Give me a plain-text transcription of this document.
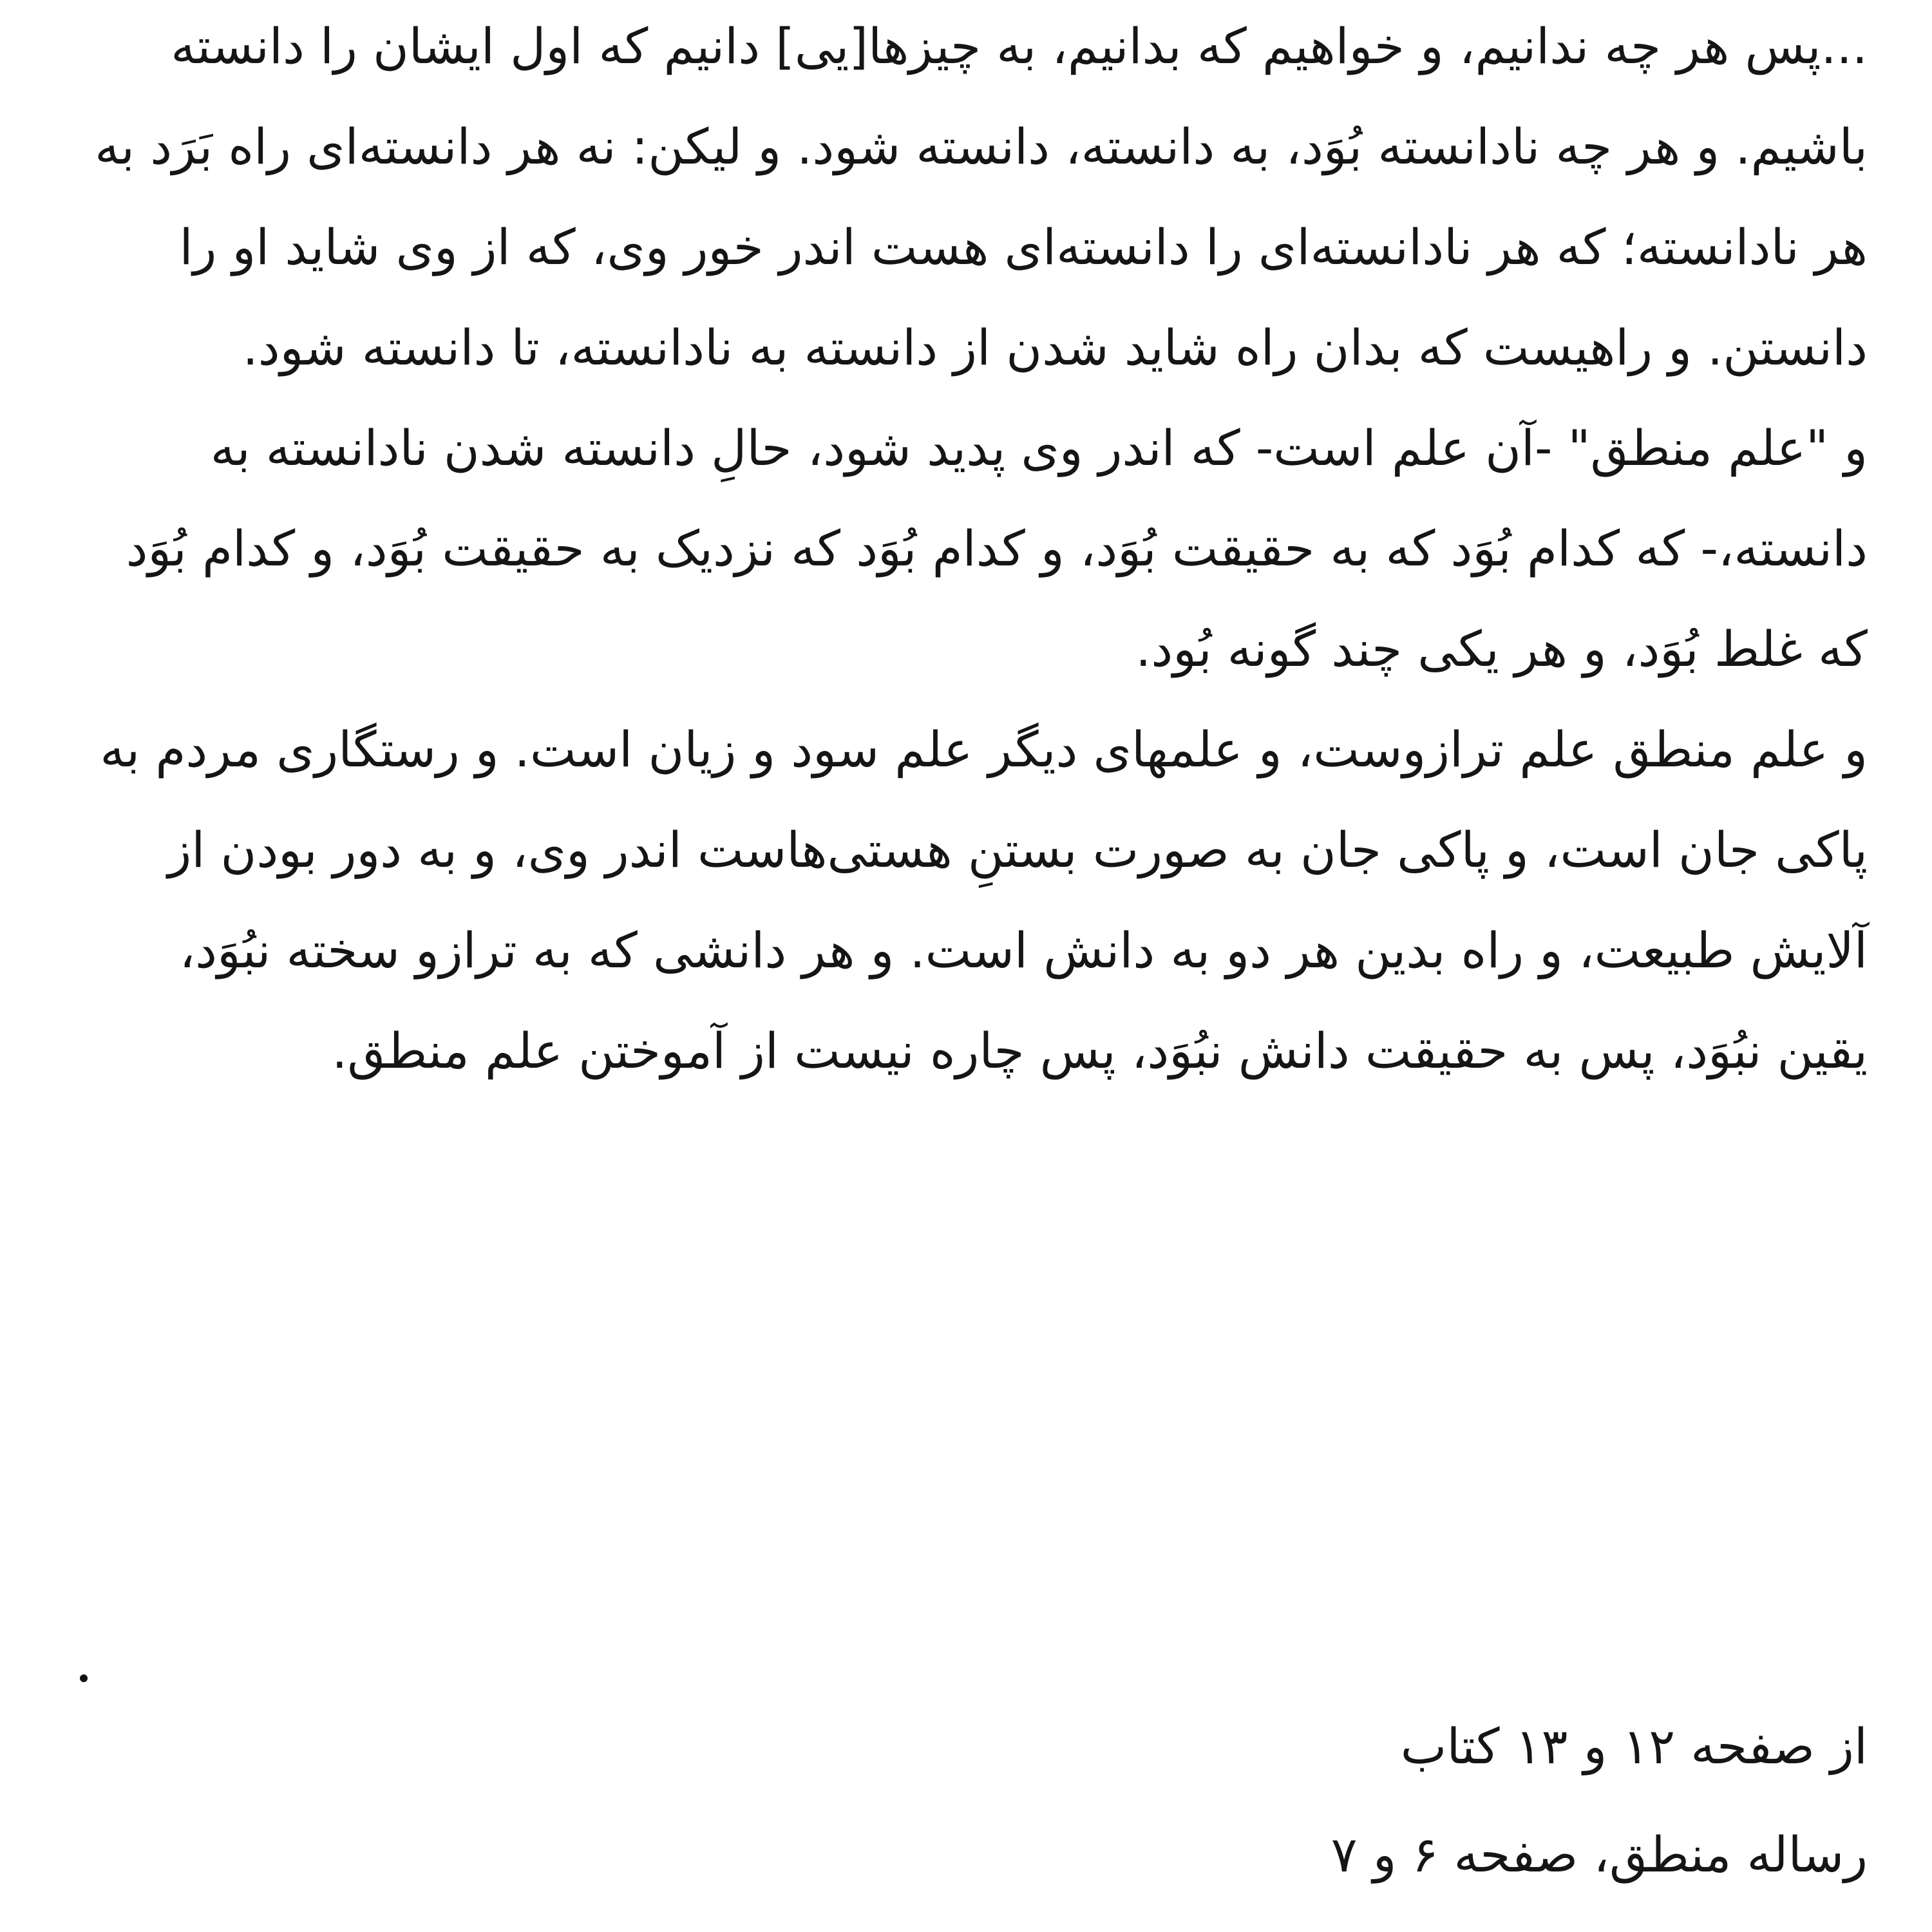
...پس هر چه ندانیم، و خواهیم که بدانیم، به چیزها[یی] دانیم که اول ایشان را دانسته باشیم. و هر چه نادانسته بُوَد، به دانسته، دانسته شود. و لیکن: نه هر دانسته‌ای راه بَرَد به هر نادانسته؛ که هر نادانسته‌ای را دانسته‌ای هست اندر خور وی، که از وی شاید او را دانستن. و راهیست که بدان راه شاید شدن از دانسته به نادانسته، تا دانسته شود.

و "علم منطق" -آن علم است- که اندر وی پدید شود، حالِ دانسته شدن نادانسته به دانسته،- که کدام بُوَد که به حقیقت بُوَد، و کدام بُوَد که نزدیک به حقیقت بُوَد، و کدام بُوَد که غلط بُوَد، و هر یکی چند گونه بُود.

و علم منطق علم ترازوست، و علمهای دیگر علم سود و زیان است. و رستگاری مردم به پاکی جان است، و پاکی جان به صورت بستنِ هستی‌هاست اندر وی، و به دور بودن از آلایش طبیعت، و راه بدین هر دو به دانش است. و هر دانشی که به ترازو سخته نبُوَد، یقین نبُوَد، پس به حقیقت دانش نبُوَد، پس چاره نیست از آموختن علم منطق.

از صفحه ۱۲ و ۱۳ کتاب

رساله منطق، صفحه ۶ و ۷
